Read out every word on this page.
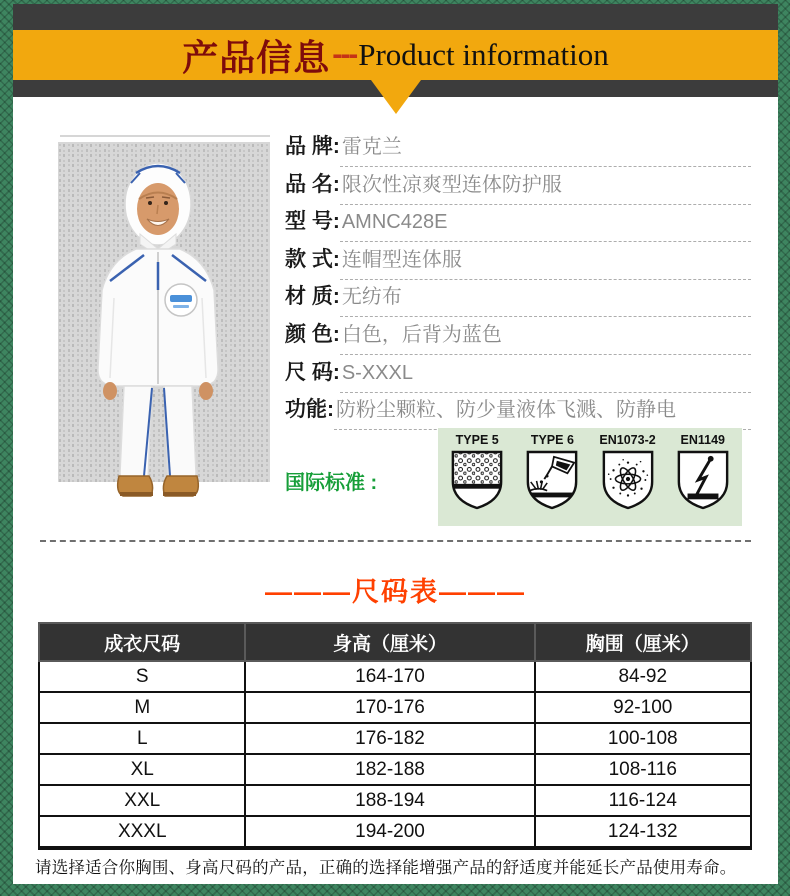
产品信息 --- Product information
品 牌: 雷克兰
品 名: 限次性凉爽型连体防护服
型 号: AMNC428E
款 式: 连帽型连体服
材 质: 无纺布
颜 色: 白色，后背为蓝色
尺 码: S-XXXL
功能: 防粉尘颗粒、防少量液体飞溅、防静电
国际标准 :
TYPE 5	TYPE 6 EN1073-2 EN1149
———尺码表———
成衣尺码	身高（厘米）	胸围（厘米）
S	164-170	84-92
M	170-176	92-100
L	176-182	100-108
XL	182-188	108-116
XXL	188-194	116-124
XXXL	194-200	124-132
请选择适合你胸围、身高尺码的产品，正确的选择能增强产品的舒适度并能延长产品使用寿命。
